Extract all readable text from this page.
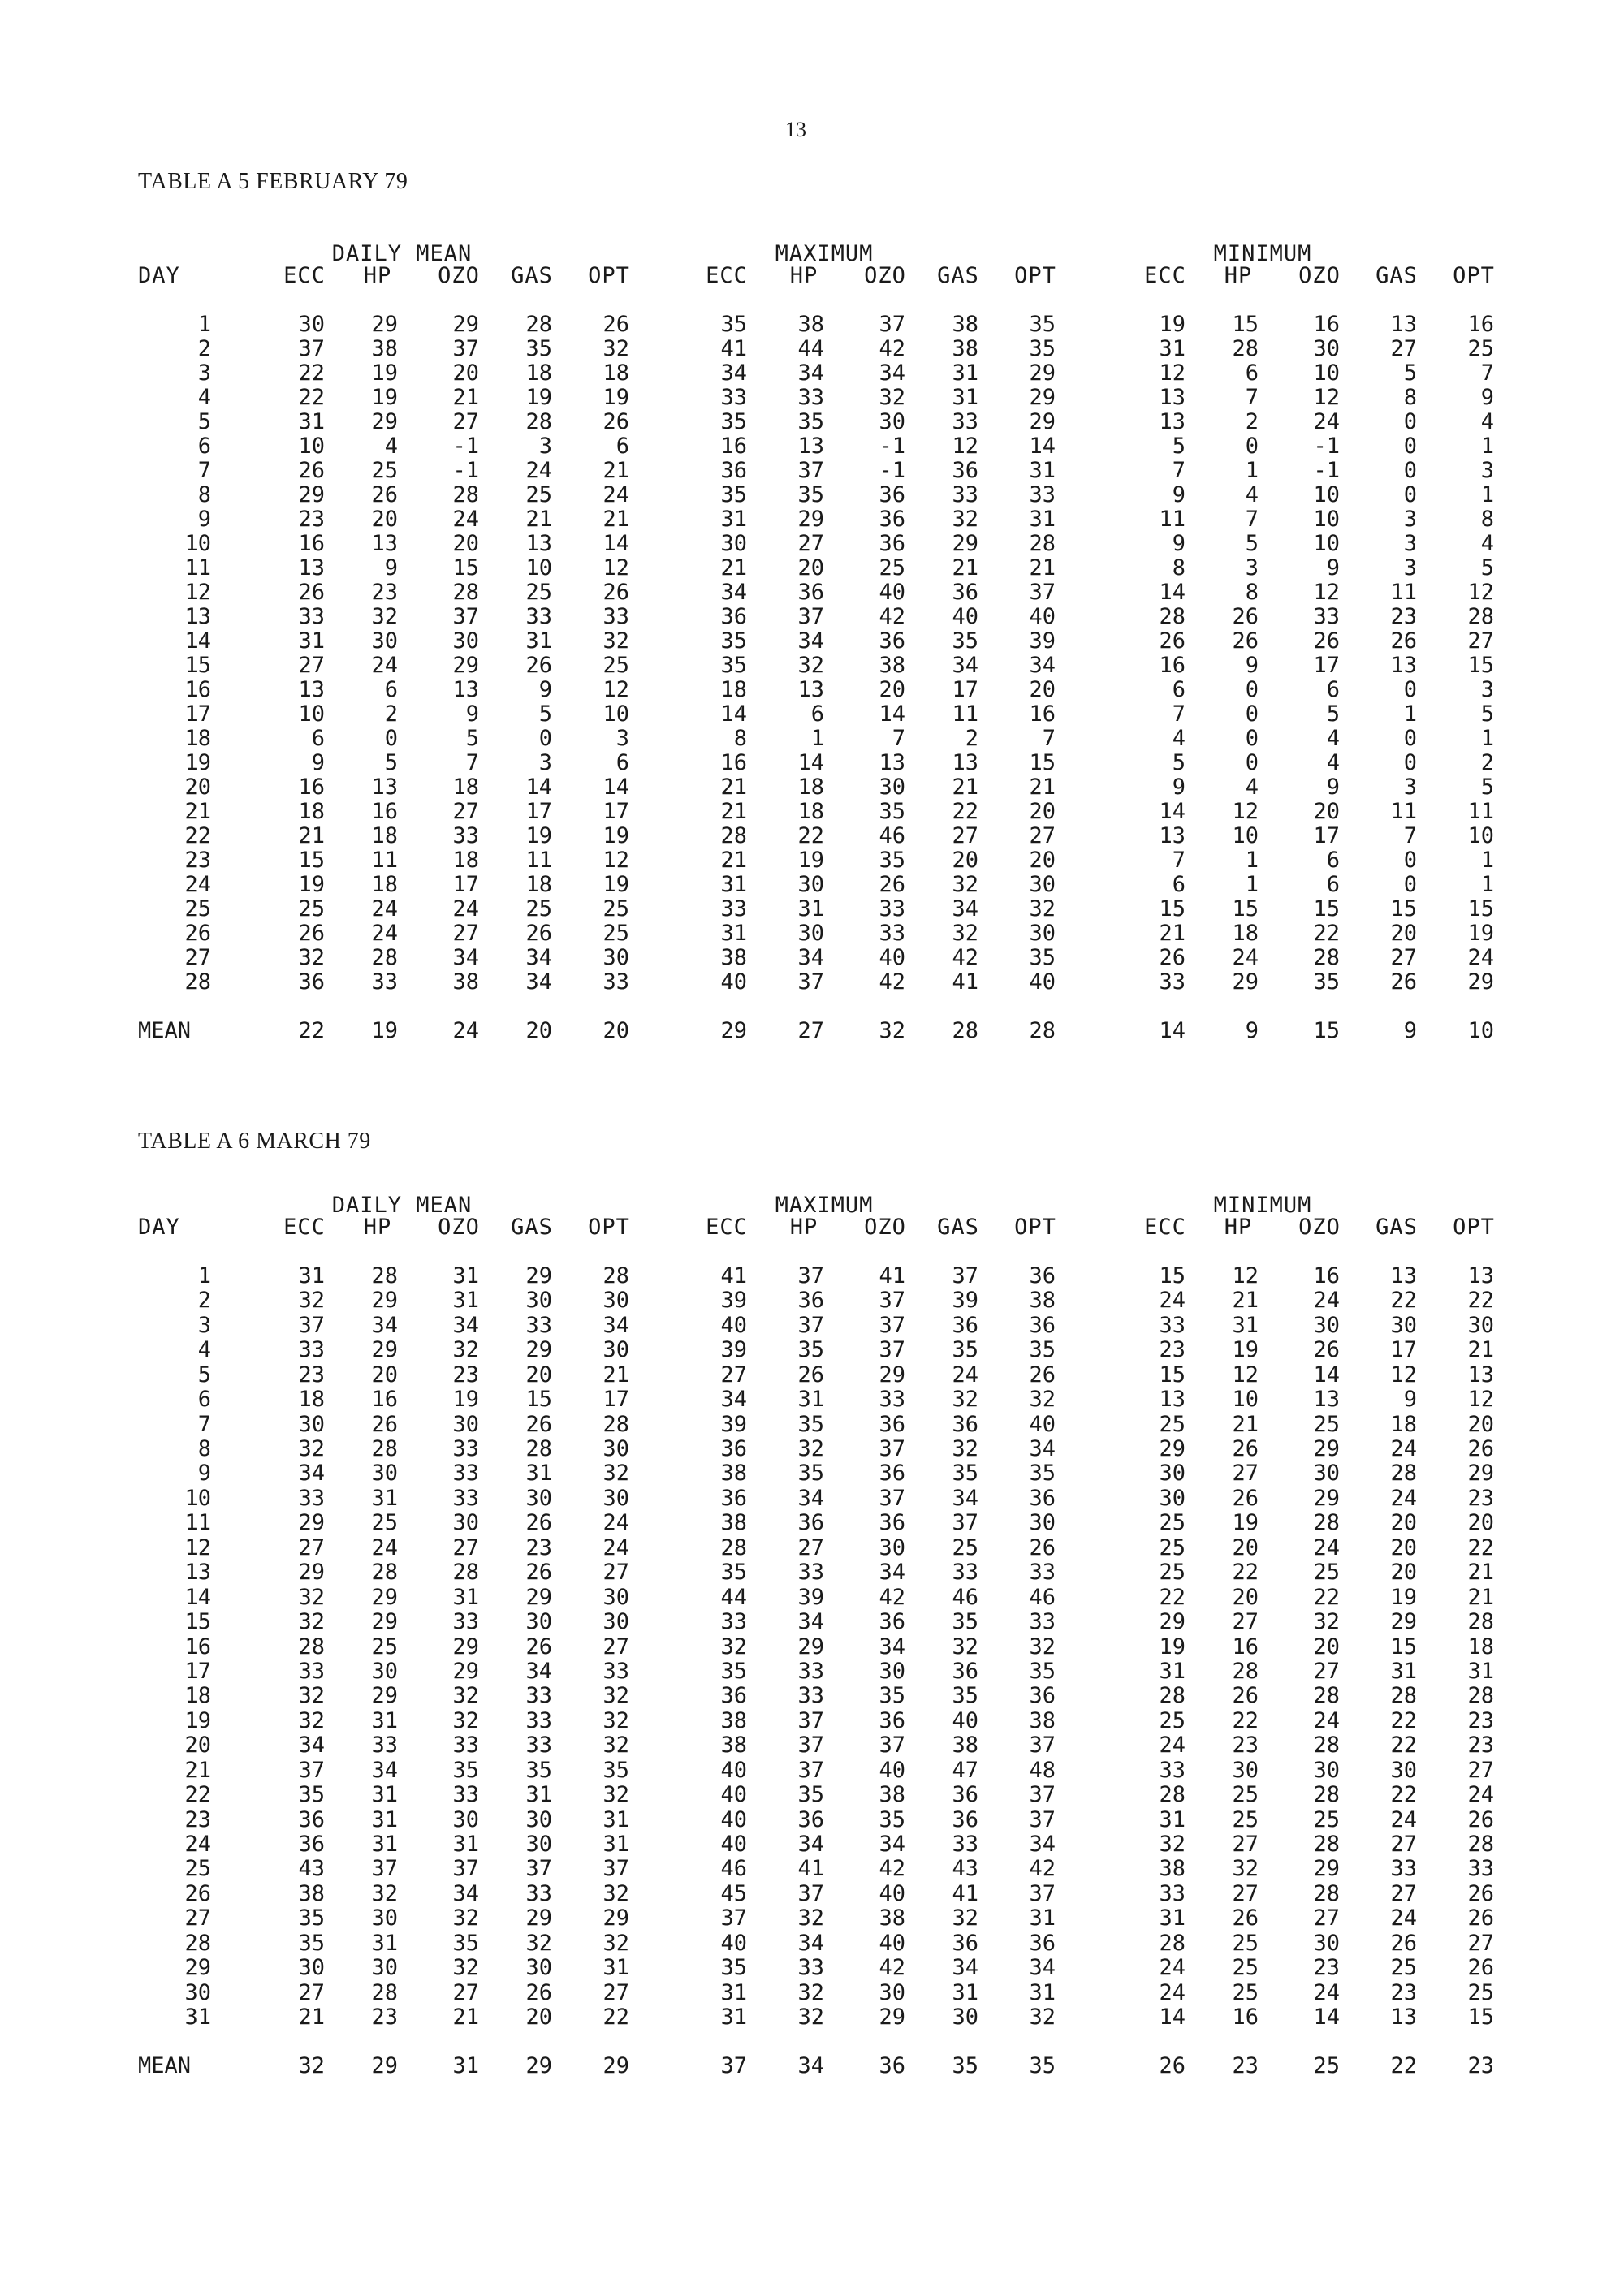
13
TABLE A 5 FEBRUARY 79
DAILY MEAN	MAXIMUM	MINIMUM
DAY	ECC	HP	OZO	GAS	OPT	ECC	HP	OZO	GAS	OPT	ECC	HP	OZO	GAS	OPT
1	30	29	29	28	26	35	38	37	38	35	19	15	16	13	16
2	37	38	37	35	32	41	44	42	38	35	31	28	30	27	25
3	22	19	20	18	18	34	34	34	31	29	12	6	10	5	7
4	22	19	21	19	19	33	33	32	31	29	13	7	12	8	9
5	31	29	27	28	26	35	35	30	33	29	13	2	24	0	4
6	10	4	-1	3	6	16	13	-1	12	14	5	0	-1	0	1
7	26	25	-1	24	21	36	37	-1	36	31	7	1	-1	0	3
8	29	26	28	25	24	35	35	36	33	33	9	4	10	0	1
9	23	20	24	21	21	31	29	36	32	31	11	7	10	3	8
10	16	13	20	13	14	30	27	36	29	28	9	5	10	3	4
11	13	9	15	10	12	21	20	25	21	21	8	3	9	3	5
12	26	23	28	25	26	34	36	40	36	37	14	8	12	11	12
13	33	32	37	33	33	36	37	42	40	40	28	26	33	23	28
14	31	30	30	31	32	35	34	36	35	39	26	26	26	26	27
15	27	24	29	26	25	35	32	38	34	34	16	9	17	13	15
16	13	6	13	9	12	18	13	20	17	20	6	0	6	0	3
17	10	2	9	5	10	14	6	14	11	16	7	0	5	1	5
18	6	0	5	0	3	8	1	7	2	7	4	0	4	0	1
19	9	5	7	3	6	16	14	13	13	15	5	0	4	0	2
20	16	13	18	14	14	21	18	30	21	21	9	4	9	3	5
21	18	16	27	17	17	21	18	35	22	20	14	12	20	11	11
22	21	18	33	19	19	28	22	46	27	27	13	10	17	7	10
23	15	11	18	11	12	21	19	35	20	20	7	1	6	0	1
24	19	18	17	18	19	31	30	26	32	30	6	1	6	0	1
25	25	24	24	25	25	33	31	33	34	32	15	15	15	15	15
26	26	24	27	26	25	31	30	33	32	30	21	18	22	20	19
27	32	28	34	34	30	38	34	40	42	35	26	24	28	27	24
28	36	33	38	34	33	40	37	42	41	40	33	29	35	26	29
MEAN	22	19	24	20	20	29	27	32	28	28	14	9	15	9	10
TABLE A 6 MARCH 79
DAILY MEAN	MAXIMUM	MINIMUM
DAY	ECC	HP	OZO	GAS	OPT	ECC	HP	OZO	GAS	OPT	ECC	HP	OZO	GAS	OPT
1	31	28	31	29	28	41	37	41	37	36	15	12	16	13	13
2	32	29	31	30	30	39	36	37	39	38	24	21	24	22	22
3	37	34	34	33	34	40	37	37	36	36	33	31	30	30	30
4	33	29	32	29	30	39	35	37	35	35	23	19	26	17	21
5	23	20	23	20	21	27	26	29	24	26	15	12	14	12	13
6	18	16	19	15	17	34	31	33	32	32	13	10	13	9	12
7	30	26	30	26	28	39	35	36	36	40	25	21	25	18	20
8	32	28	33	28	30	36	32	37	32	34	29	26	29	24	26
9	34	30	33	31	32	38	35	36	35	35	30	27	30	28	29
10	33	31	33	30	30	36	34	37	34	36	30	26	29	24	23
11	29	25	30	26	24	38	36	36	37	30	25	19	28	20	20
12	27	24	27	23	24	28	27	30	25	26	25	20	24	20	22
13	29	28	28	26	27	35	33	34	33	33	25	22	25	20	21
14	32	29	31	29	30	44	39	42	46	46	22	20	22	19	21
15	32	29	33	30	30	33	34	36	35	33	29	27	32	29	28
16	28	25	29	26	27	32	29	34	32	32	19	16	20	15	18
17	33	30	29	34	33	35	33	30	36	35	31	28	27	31	31
18	32	29	32	33	32	36	33	35	35	36	28	26	28	28	28
19	32	31	32	33	32	38	37	36	40	38	25	22	24	22	23
20	34	33	33	33	32	38	37	37	38	37	24	23	28	22	23
21	37	34	35	35	35	40	37	40	47	48	33	30	30	30	27
22	35	31	33	31	32	40	35	38	36	37	28	25	28	22	24
23	36	31	30	30	31	40	36	35	36	37	31	25	25	24	26
24	36	31	31	30	31	40	34	34	33	34	32	27	28	27	28
25	43	37	37	37	37	46	41	42	43	42	38	32	29	33	33
26	38	32	34	33	32	45	37	40	41	37	33	27	28	27	26
27	35	30	32	29	29	37	32	38	32	31	31	26	27	24	26
28	35	31	35	32	32	40	34	40	36	36	28	25	30	26	27
29	30	30	32	30	31	35	33	42	34	34	24	25	23	25	26
30	27	28	27	26	27	31	32	30	31	31	24	25	24	23	25
31	21	23	21	20	22	31	32	29	30	32	14	16	14	13	15
MEAN	32	29	31	29	29	37	34	36	35	35	26	23	25	22	23
